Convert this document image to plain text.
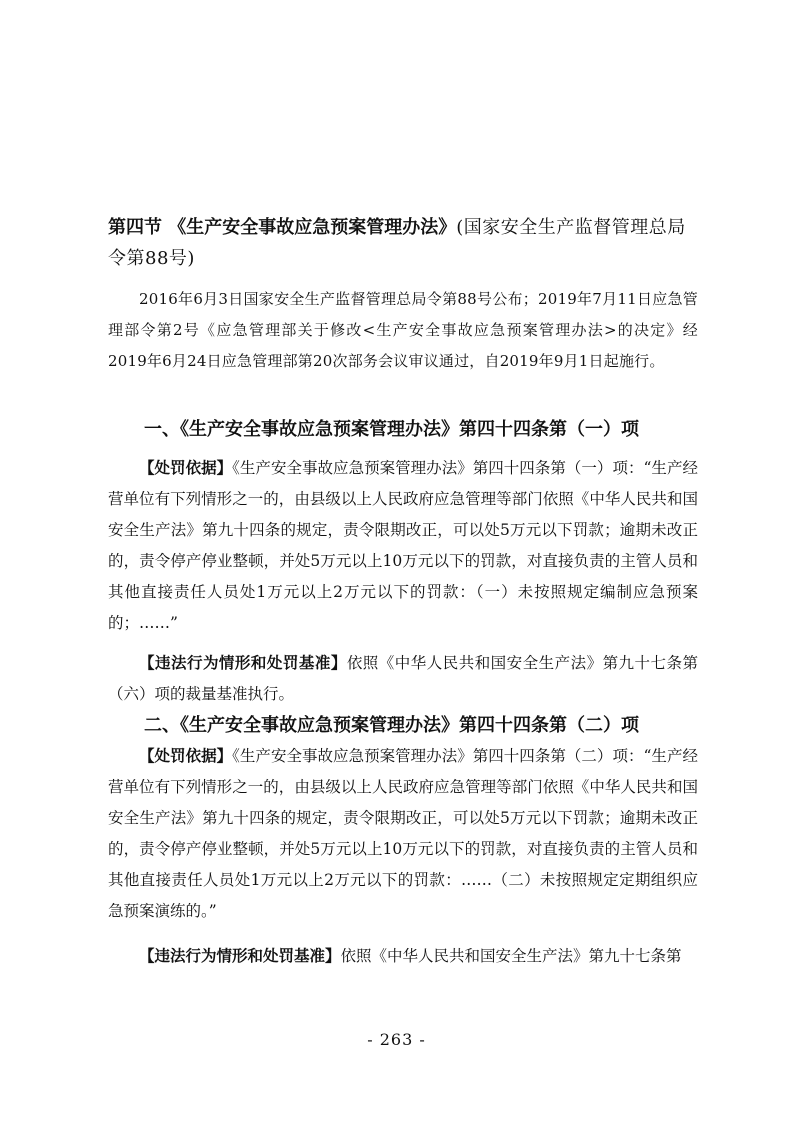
第四节 《生产安全事故应急预案管理办法》(国家安全生产监督管理总局令第88号)

2016年6月3日国家安全生产监督管理总局令第88号公布；2019年7月11日应急管理部令第2号《应急管理部关于修改<生产安全事故应急预案管理办法>的决定》经2019年6月24日应急管理部第20次部务会议审议通过，自2019年9月1日起施行。

一、《生产安全事故应急预案管理办法》第四十四条第（一）项

【处罚依据】《生产安全事故应急预案管理办法》第四十四条第（一）项：“生产经营单位有下列情形之一的，由县级以上人民政府应急管理等部门依照《中华人民共和国安全生产法》第九十四条的规定，责令限期改正，可以处5万元以下罚款；逾期未改正的，责令停产停业整顿，并处5万元以上10万元以下的罚款，对直接负责的主管人员和其他直接责任人员处1万元以上2万元以下的罚款：（一）未按照规定编制应急预案的；……”

【违法行为情形和处罚基准】依照《中华人民共和国安全生产法》第九十七条第（六）项的裁量基准执行。

二、《生产安全事故应急预案管理办法》第四十四条第（二）项

【处罚依据】《生产安全事故应急预案管理办法》第四十四条第（二）项：“生产经营单位有下列情形之一的，由县级以上人民政府应急管理等部门依照《中华人民共和国安全生产法》第九十四条的规定，责令限期改正，可以处5万元以下罚款；逾期未改正的，责令停产停业整顿，并处5万元以上10万元以下的罚款，对直接负责的主管人员和其他直接责任人员处1万元以上2万元以下的罚款：……（二）未按照规定定期组织应急预案演练的。”

【违法行为情形和处罚基准】依照《中华人民共和国安全生产法》第九十七条第

- 263 -
